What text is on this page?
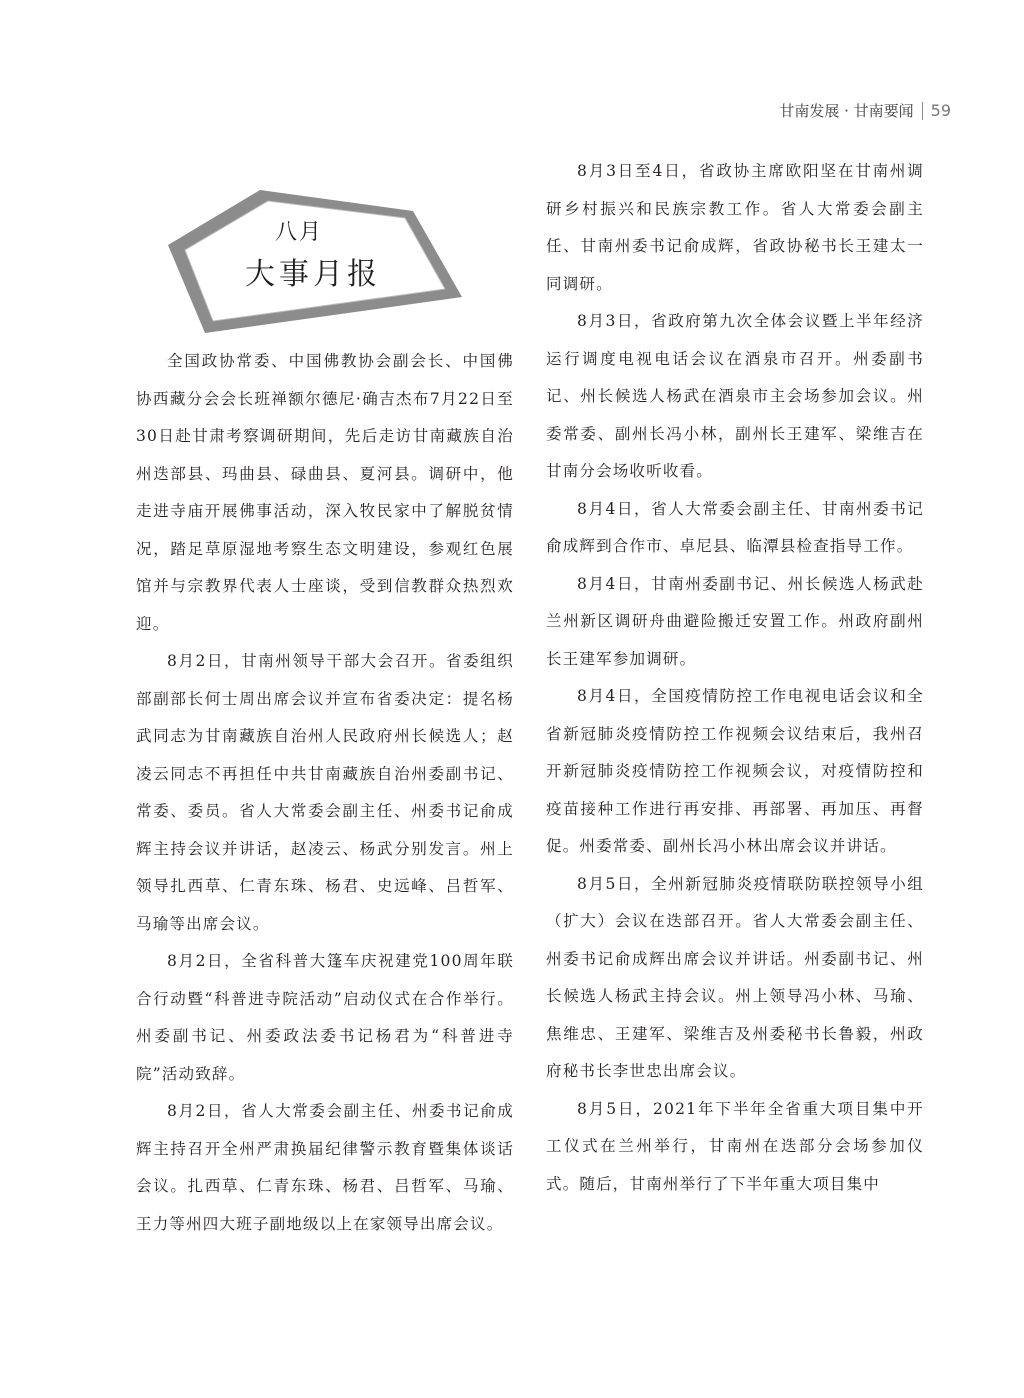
甘南发展 · 甘南要闻 59
八月
大事月报

全国政协常委、中国佛教协会副会长、中国佛协西藏分会会长班禅额尔德尼·确吉杰布7月22日至30日赴甘肃考察调研期间，先后走访甘南藏族自治州迭部县、玛曲县、碌曲县、夏河县。调研中，他走进寺庙开展佛事活动，深入牧民家中了解脱贫情况，踏足草原湿地考察生态文明建设，参观红色展馆并与宗教界代表人士座谈，受到信教群众热烈欢迎。

8月2日，甘南州领导干部大会召开。省委组织部副部长何士周出席会议并宣布省委决定：提名杨武同志为甘南藏族自治州人民政府州长候选人；赵凌云同志不再担任中共甘南藏族自治州委副书记、常委、委员。省人大常委会副主任、州委书记俞成辉主持会议并讲话，赵凌云、杨武分别发言。州上领导扎西草、仁青东珠、杨君、史远峰、吕哲军、马瑜等出席会议。

8月2日，全省科普大篷车庆祝建党100周年联合行动暨“科普进寺院活动”启动仪式在合作举行。州委副书记、州委政法委书记杨君为“科普进寺院”活动致辞。

8月2日，省人大常委会副主任、州委书记俞成辉主持召开全州严肃换届纪律警示教育暨集体谈话会议。扎西草、仁青东珠、杨君、吕哲军、马瑜、王力等州四大班子副地级以上在家领导出席会议。

8月3日至4日，省政协主席欧阳坚在甘南州调研乡村振兴和民族宗教工作。省人大常委会副主任、甘南州委书记俞成辉，省政协秘书长王建太一同调研。

8月3日，省政府第九次全体会议暨上半年经济运行调度电视电话会议在酒泉市召开。州委副书记、州长候选人杨武在酒泉市主会场参加会议。州委常委、副州长冯小林，副州长王建军、梁维吉在甘南分会场收听收看。

8月4日，省人大常委会副主任、甘南州委书记俞成辉到合作市、卓尼县、临潭县检查指导工作。

8月4日，甘南州委副书记、州长候选人杨武赴兰州新区调研舟曲避险搬迁安置工作。州政府副州长王建军参加调研。

8月4日，全国疫情防控工作电视电话会议和全省新冠肺炎疫情防控工作视频会议结束后，我州召开新冠肺炎疫情防控工作视频会议，对疫情防控和疫苗接种工作进行再安排、再部署、再加压、再督促。州委常委、副州长冯小林出席会议并讲话。

8月5日，全州新冠肺炎疫情联防联控领导小组（扩大）会议在迭部召开。省人大常委会副主任、州委书记俞成辉出席会议并讲话。州委副书记、州长候选人杨武主持会议。州上领导冯小林、马瑜、焦维忠、王建军、梁维吉及州委秘书长鲁毅，州政府秘书长李世忠出席会议。

8月5日，2021年下半年全省重大项目集中开工仪式在兰州举行，甘南州在迭部分会场参加仪式。随后，甘南州举行了下半年重大项目集中
